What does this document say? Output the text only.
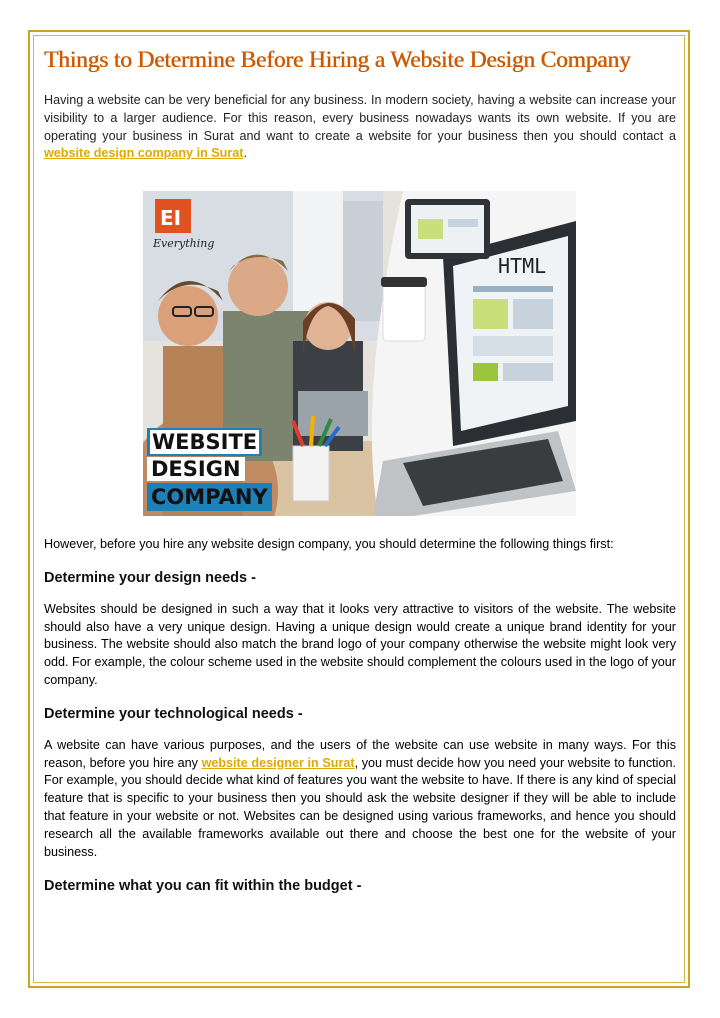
Things to Determine Before Hiring a Website Design Company

Having a website can be very beneficial for any business. In modern society, having a website can increase your visibility to a larger audience. For this reason, every business nowadays wants its own website. If you are operating your business in Surat and want to create a website for your business then you should contact a website design company in Surat.

HTML
EI
Everything
WEBSITE
DESIGN
COMPANY

However, before you hire any website design company, you should determine the following things first:

Determine your design needs -

Websites should be designed in such a way that it looks very attractive to visitors of the website. The website should also have a very unique design. Having a unique design would create a unique brand identity for your business. The website should also match the brand logo of your company otherwise the website might look very odd. For example, the colour scheme used in the website should complement the colours used in the logo of your company.

Determine your technological needs -

A website can have various purposes, and the users of the website can use website in many ways. For this reason, before you hire any website designer in Surat, you must decide how you need your website to function. For example, you should decide what kind of features you want the website to have. If there is any kind of special feature that is specific to your business then you should ask the website designer if they will be able to include that feature in your website or not. Websites can be designed using various frameworks, and hence you should research all the available frameworks available out there and choose the best one for the website of your business.

Determine what you can fit within the budget -
